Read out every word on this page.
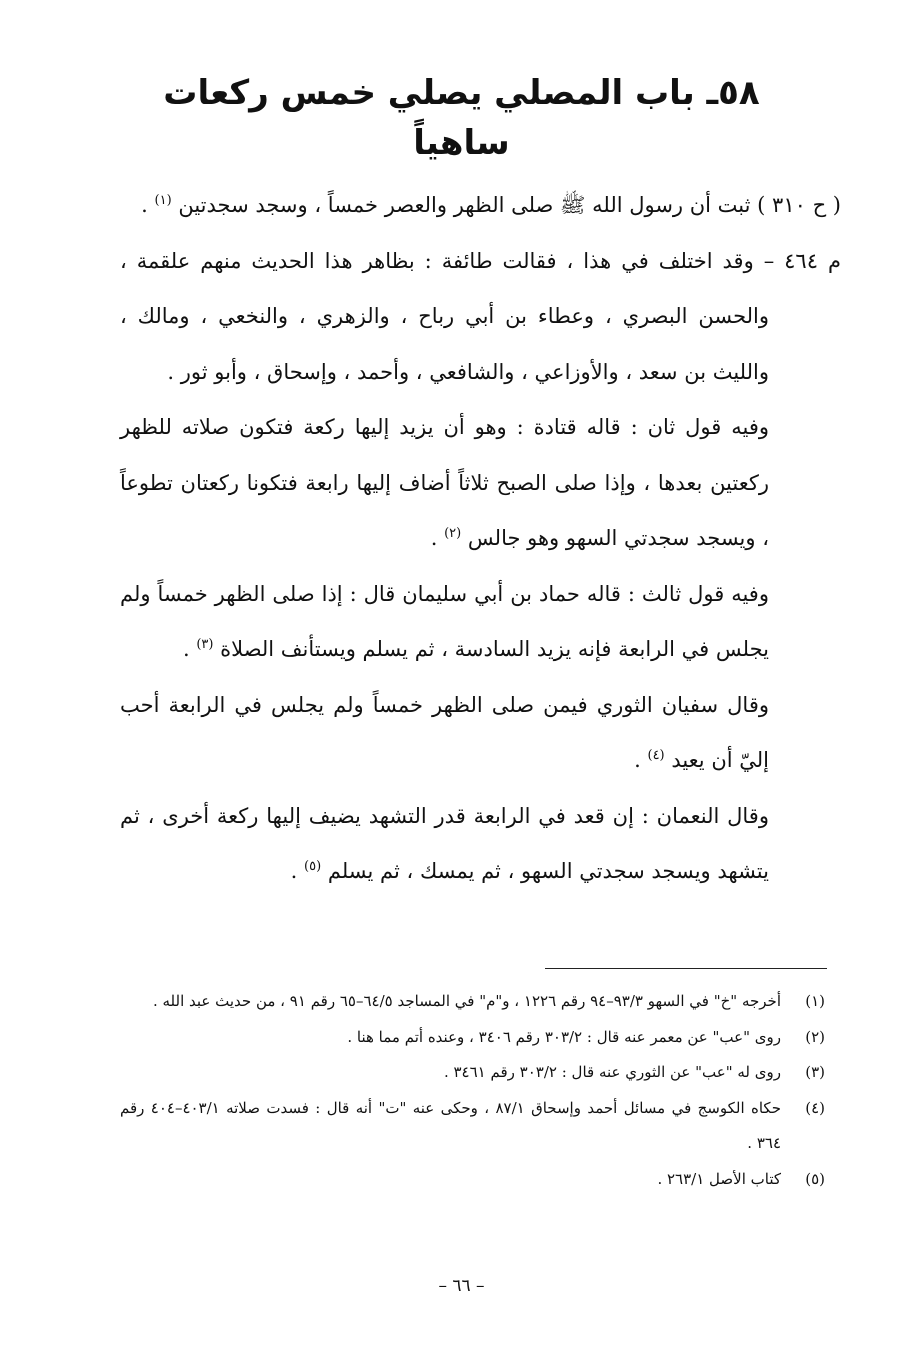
٥٨ـ باب المصلي يصلي خمس ركعات ساهياً

( ح ٣١٠ ) ثبت أن رسول الله ﷺ صلى الظهر والعصر خمساً ، وسجد سجدتين $^{(١)}$ .

م ٤٦٤ – وقد اختلف في هذا ، فقالت طائفة : بظاهر هذا الحديث منهم علقمة ، والحسن البصري ، وعطاء بن أبي رباح ، والزهري ، والنخعي ، ومالك ، والليث بن سعد ، والأوزاعي ، والشافعي ، وأحمد ، وإسحاق ، وأبو ثور .

وفيه قول ثان : قاله قتادة : وهو أن يزيد إليها ركعة فتكون صلاته للظهر ركعتين بعدها ، وإذا صلى الصبح ثلاثاً أضاف إليها رابعة فتكونا ركعتان تطوعاً ، ويسجد سجدتي السهو وهو جالس $^{(٢)}$ .

وفيه قول ثالث : قاله حماد بن أبي سليمان قال : إذا صلى الظهر خمساً ولم يجلس في الرابعة فإنه يزيد السادسة ، ثم يسلم ويستأنف الصلاة $^{(٣)}$ .

وقال سفيان الثوري فيمن صلى الظهر خمساً ولم يجلس في الرابعة أحب إليّ أن يعيد $^{(٤)}$ .

وقال النعمان : إن قعد في الرابعة قدر التشهد يضيف إليها ركعة أخرى ، ثم يتشهد ويسجد سجدتي السهو ، ثم يمسك ، ثم يسلم $^{(٥)}$ .

(١)
أخرجه "خ" في السهو ٩٣/٣–٩٤ رقم ١٢٢٦ ، و"م" في المساجد ٦٤/٥–٦٥ رقم ٩١ ، من حديث عبد الله .
(٢)
روى "عب" عن معمر عنه قال : ٣٠٣/٢ رقم ٣٤٠٦ ، وعنده أتم مما هنا .
(٣)
روى له "عب" عن الثوري عنه قال : ٣٠٣/٢ رقم ٣٤٦١ .
(٤)
حكاه الكوسج في مسائل أحمد وإسحاق ٨٧/١ ، وحكى عنه "ت" أنه قال : فسدت صلاته ٤٠٣/١–٤٠٤ رقم ٣٦٤ .
(٥)
كتاب الأصل ٢٦٣/١ .
– ٦٦ –
